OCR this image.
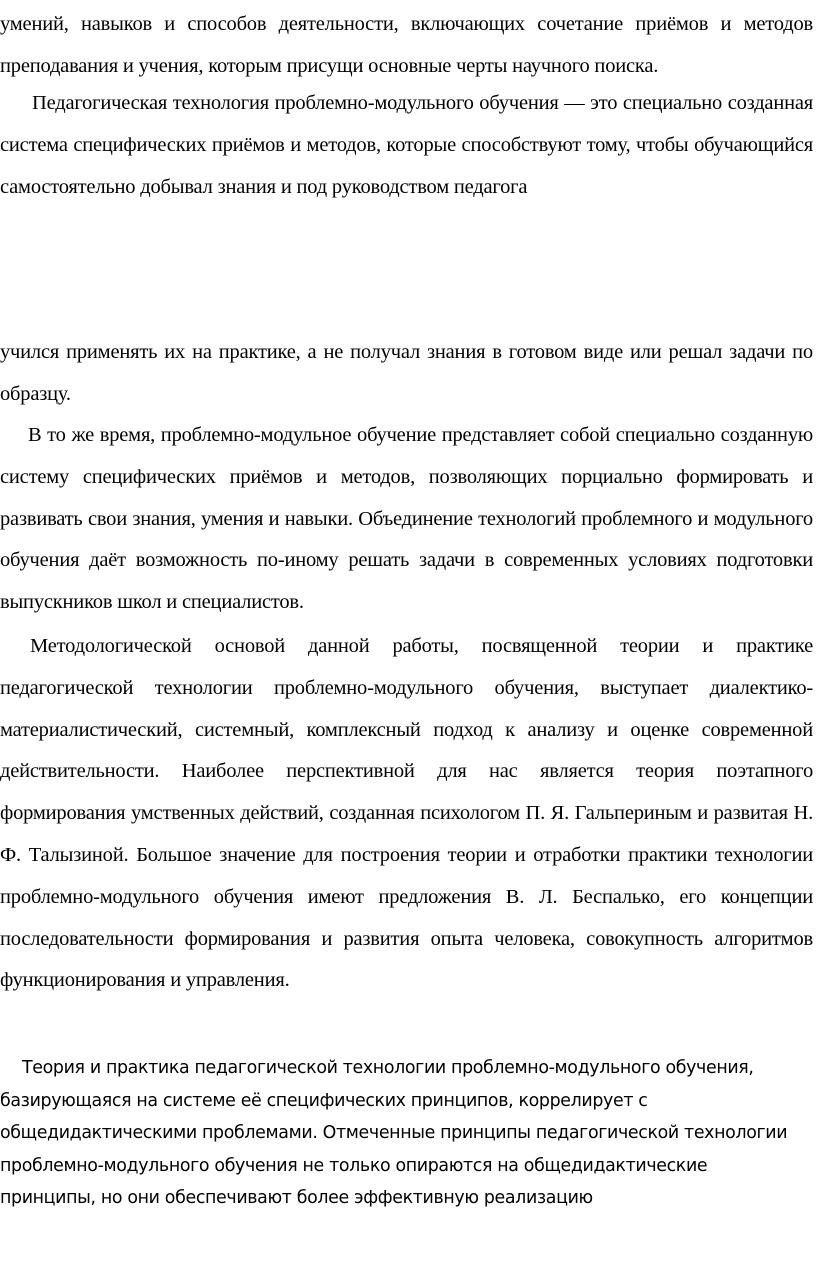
умений, навыков и способов деятельности, включающих сочетание приёмов и методов преподавания и учения, которым присущи основные черты научного поиска.

Педагогическая технология проблемно-модульного обучения — это специально созданная система специфических приёмов и методов, которые способствуют тому, чтобы обучающийся самостоятельно добывал знания и под руководством педагога

учился применять их на практике, а не получал знания в готовом виде или решал задачи по образцу.

В то же время, проблемно-модульное обучение представляет собой специально созданную систему специфических приёмов и методов, позволяющих порциально формировать и развивать свои знания, умения и навыки. Объединение технологий проблемного и модульного обучения даёт возможность по-иному решать задачи в современных условиях подготовки выпускников школ и специалистов.

Методологической основой данной работы, посвященной теории и практике педагогической технологии проблемно-модульного обучения, выступает диалектико-материалистический, системный, комплексный подход к анализу и оценке современной действительности. Наиболее перспективной для нас является теория поэтапного формирования умственных действий, созданная психологом П. Я. Гальпериным и развитая Н. Ф. Талызиной. Большое значение для построения теории и отработки практики технологии проблемно-модульного обучения имеют предложения В. Л. Беспалько, его концепции последовательности формирования и развития опыта человека, совокупность алгоритмов функционирования и управления.

Теория и практика педагогической технологии проблемно-модульного обучения, базирующаяся на системе её специфических принципов, коррелирует с общедидактическими проблемами. Отмеченные принципы педагогической технологии проблемно-модульного обучения не только опираются на общедидактические принципы, но они обеспечивают более эффективную реализацию
